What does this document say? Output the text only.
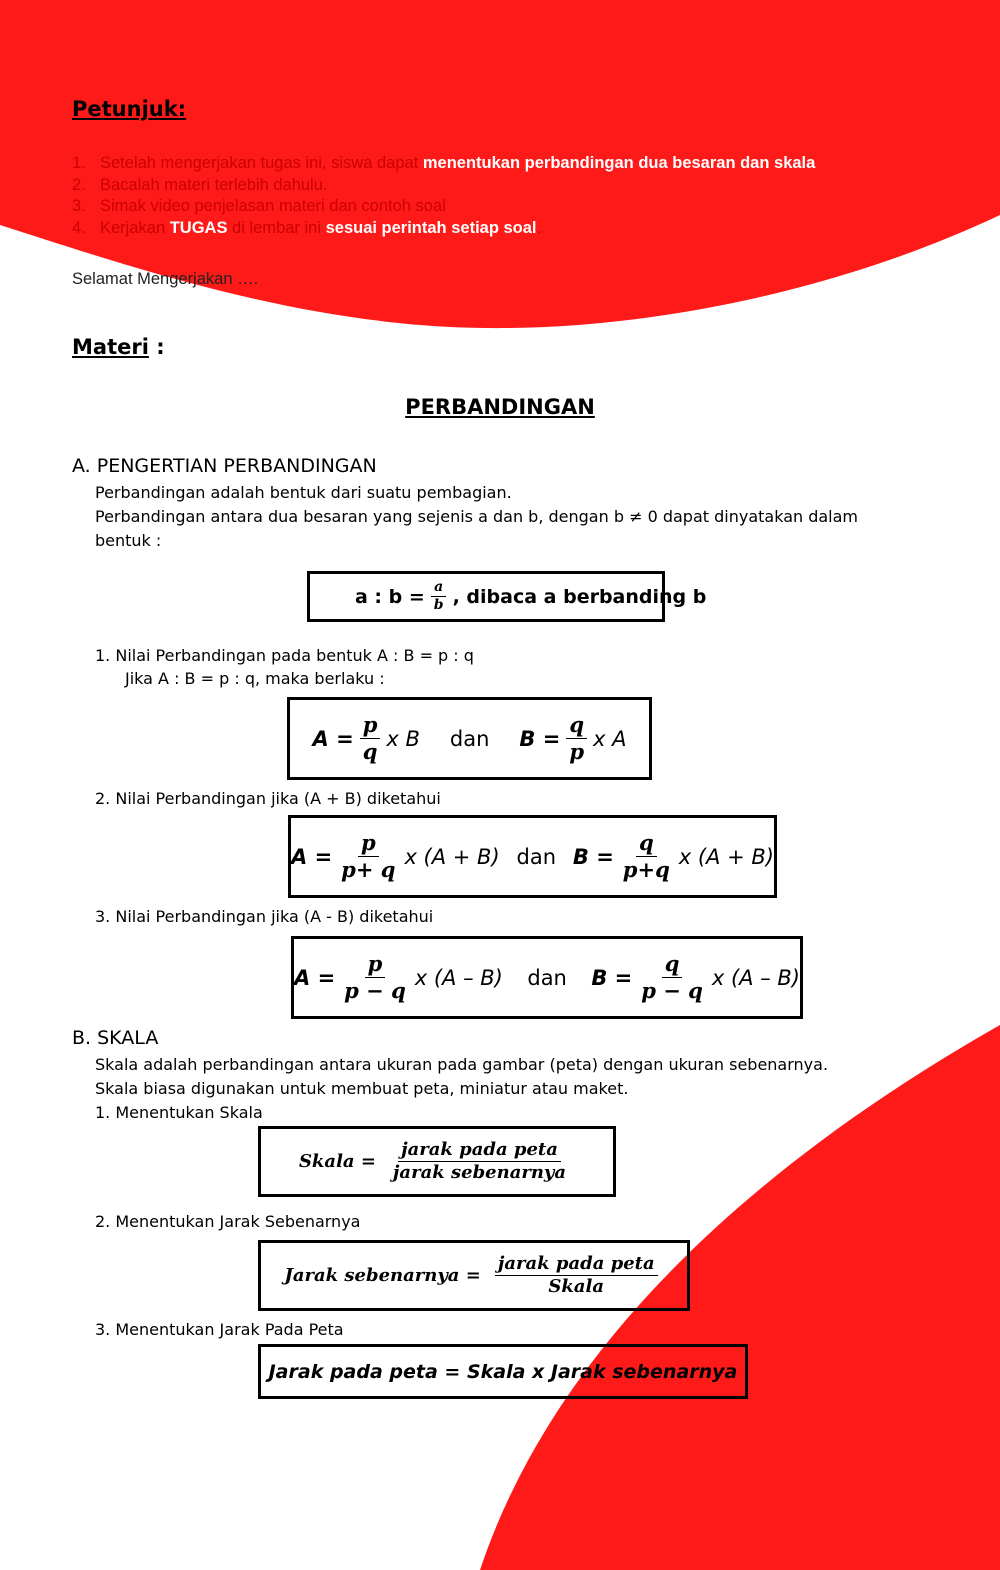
Petunjuk:
1. Setelah mengerjakan tugas ini, siswa dapat menentukan perbandingan dua besaran dan skala
2. Bacalah materi terlebih dahulu.
3. Simak video penjelasan materi dan contoh soal
4. Kerjakan TUGAS di lembar ini sesuai perintah setiap soal.
Selamat Mengerjakan ….
Materi :
PERBANDINGAN
A. PENGERTIAN PERBANDINGAN
Perbandingan adalah bentuk dari suatu pembagian.
Perbandingan antara dua besaran yang sejenis a dan b, dengan b ≠ 0 dapat dinyatakan dalam
bentuk :
a : $b = \frac{a}{b}$ , dibaca a berbanding b
1. Nilai Perbandingan pada bentuk A : B = p : q
Jika A : B = p : q, maka berlaku :
$A = \frac{p}{q}$ x B dan $B = \frac{q}{p}$ x A
2. Nilai Perbandingan jika (A + B) diketahui
$A = \frac{p}{p+ q}$ x (A + B) dan $B = \frac{q}{p+q}$ x (A + B)
3. Nilai Perbandingan jika (A - B) diketahui
$A = \frac{p}{p - q}$ x (A – B) dan $B = \frac{q}{p - q}$ x (A – B)
B. SKALA
Skala adalah perbandingan antara ukuran pada gambar (peta) dengan ukuran sebenarnya.
Skala biasa digunakan untuk membuat peta, miniatur atau maket.
1. Menentukan Skala
Skala = $\frac{\text{jarak pada peta}}{\text{jarak sebenarnya}}$
2. Menentukan Jarak Sebenarnya
Jarak sebenarnya = $\frac{\text{jarak pada peta}}{\text{Skala}}$
3. Menentukan Jarak Pada Peta
Jarak pada peta = Skala x Jarak sebenarnya
